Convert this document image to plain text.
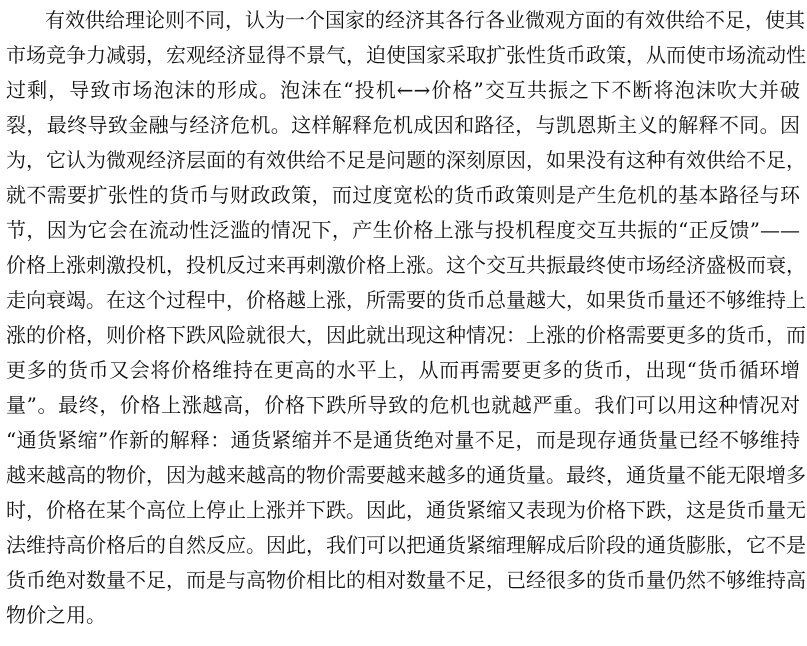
有效供给理论则不同，认为一个国家的经济其各行各业微观方面的有效供给不足，使其
市场竞争力减弱，宏观经济显得不景气，迫使国家采取扩张性货币政策，从而使市场流动性
过剩，导致市场泡沫的形成。泡沫在“投机←→价格”交互共振之下不断将泡沫吹大并破
裂，最终导致金融与经济危机。这样解释危机成因和路径，与凯恩斯主义的解释不同。因
为，它认为微观经济层面的有效供给不足是问题的深刻原因，如果没有这种有效供给不足，
就不需要扩张性的货币与财政政策，而过度宽松的货币政策则是产生危机的基本路径与环
节，因为它会在流动性泛滥的情况下，产生价格上涨与投机程度交互共振的“正反馈”——
价格上涨刺激投机，投机反过来再刺激价格上涨。这个交互共振最终使市场经济盛极而衰，
走向衰竭。在这个过程中，价格越上涨，所需要的货币总量越大，如果货币量还不够维持上
涨的价格，则价格下跌风险就很大，因此就出现这种情况：上涨的价格需要更多的货币，而
更多的货币又会将价格维持在更高的水平上，从而再需要更多的货币，出现“货币循环增
量”。最终，价格上涨越高，价格下跌所导致的危机也就越严重。我们可以用这种情况对
“通货紧缩”作新的解释：通货紧缩并不是通货绝对量不足，而是现存通货量已经不够维持
越来越高的物价，因为越来越高的物价需要越来越多的通货量。最终，通货量不能无限增多
时，价格在某个高位上停止上涨并下跌。因此，通货紧缩又表现为价格下跌，这是货币量无
法维持高价格后的自然反应。因此，我们可以把通货紧缩理解成后阶段的通货膨胀，它不是
货币绝对数量不足，而是与高物价相比的相对数量不足，已经很多的货币量仍然不够维持高
物价之用。
